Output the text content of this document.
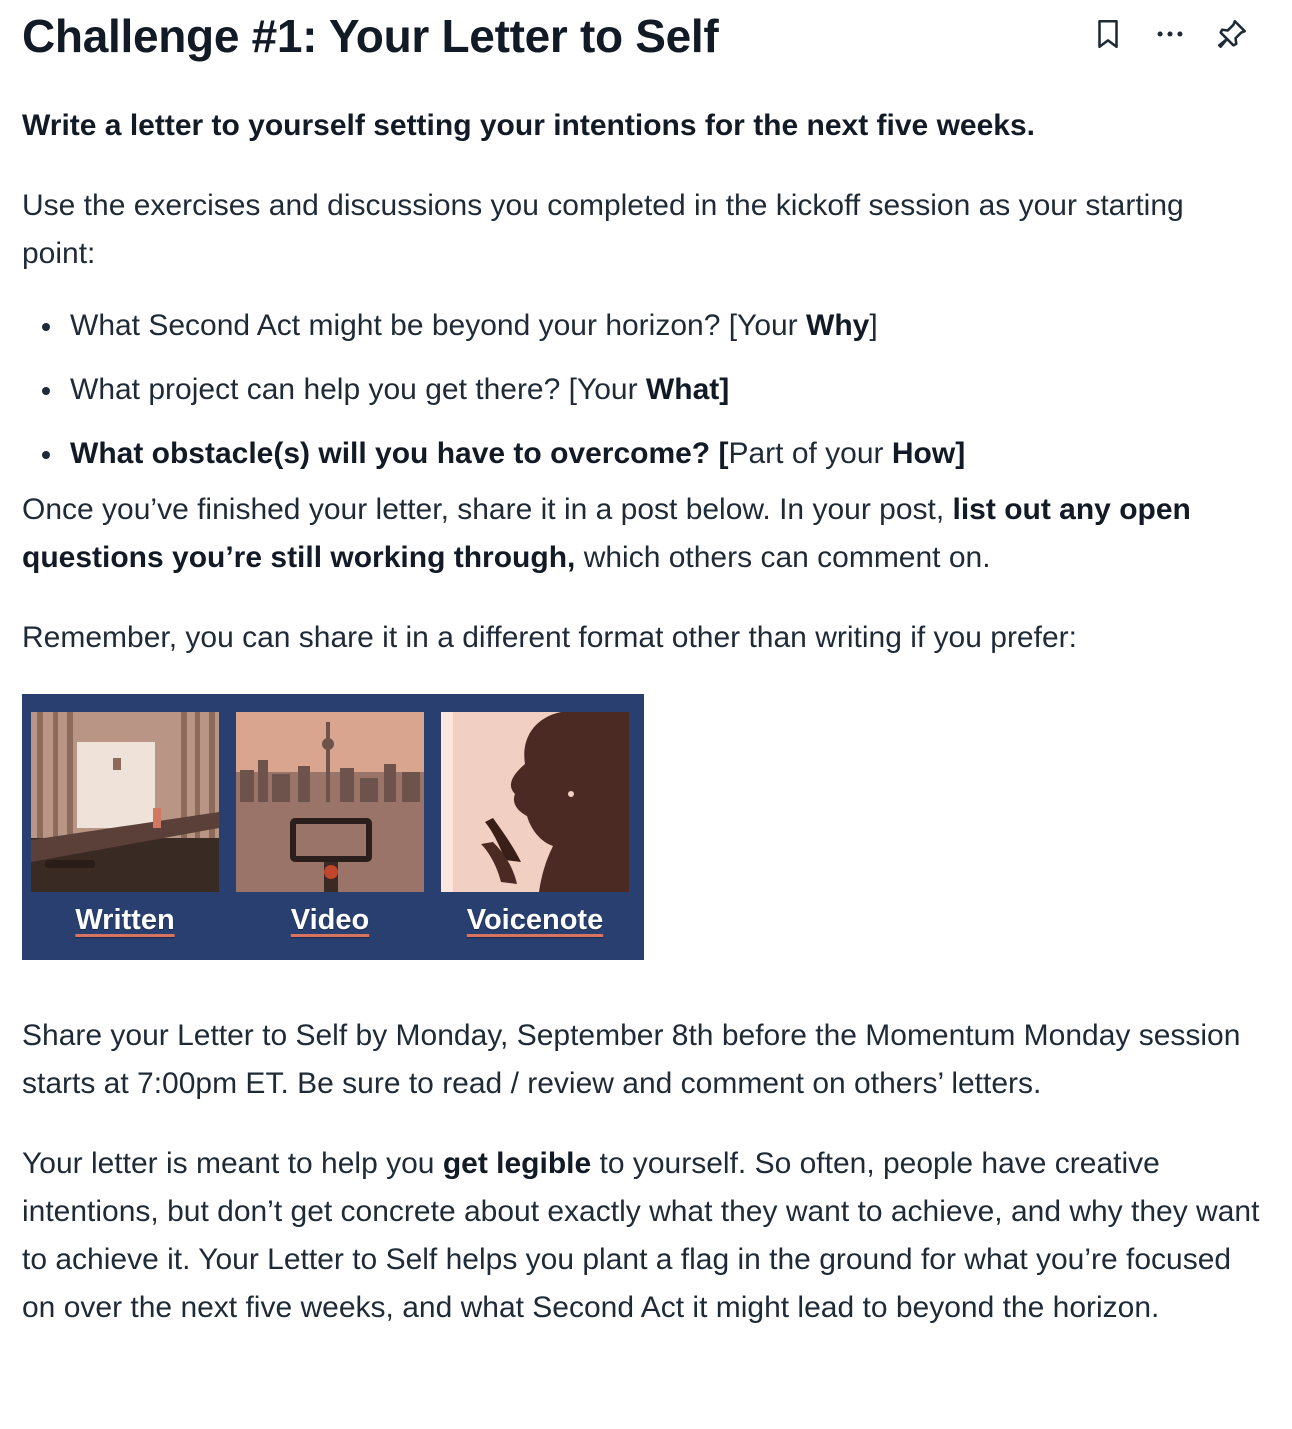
Challenge #1: Your Letter to Self

Write a letter to yourself setting your intentions for the next five weeks.

Use the exercises and discussions you completed in the kickoff session as your starting point:

What Second Act might be beyond your horizon? [Your Why]
What project can help you get there? [Your What]
What obstacle(s) will you have to overcome? [Part of your How]

Once you’ve finished your letter, share it in a post below. In your post, list out any open questions you’re still working through, which others can comment on.

Remember, you can share it in a different format other than writing if you prefer:

Written	Video	Voicenote

Share your Letter to Self by Monday, September 8th before the Momentum Monday session starts at 7:00pm ET. Be sure to read / review and comment on others’ letters.

Your letter is meant to help you get legible to yourself. So often, people have creative intentions, but don’t get concrete about exactly what they want to achieve, and why they want to achieve it. Your Letter to Self helps you plant a flag in the ground for what you’re focused on over the next five weeks, and what Second Act it might lead to beyond the horizon.
